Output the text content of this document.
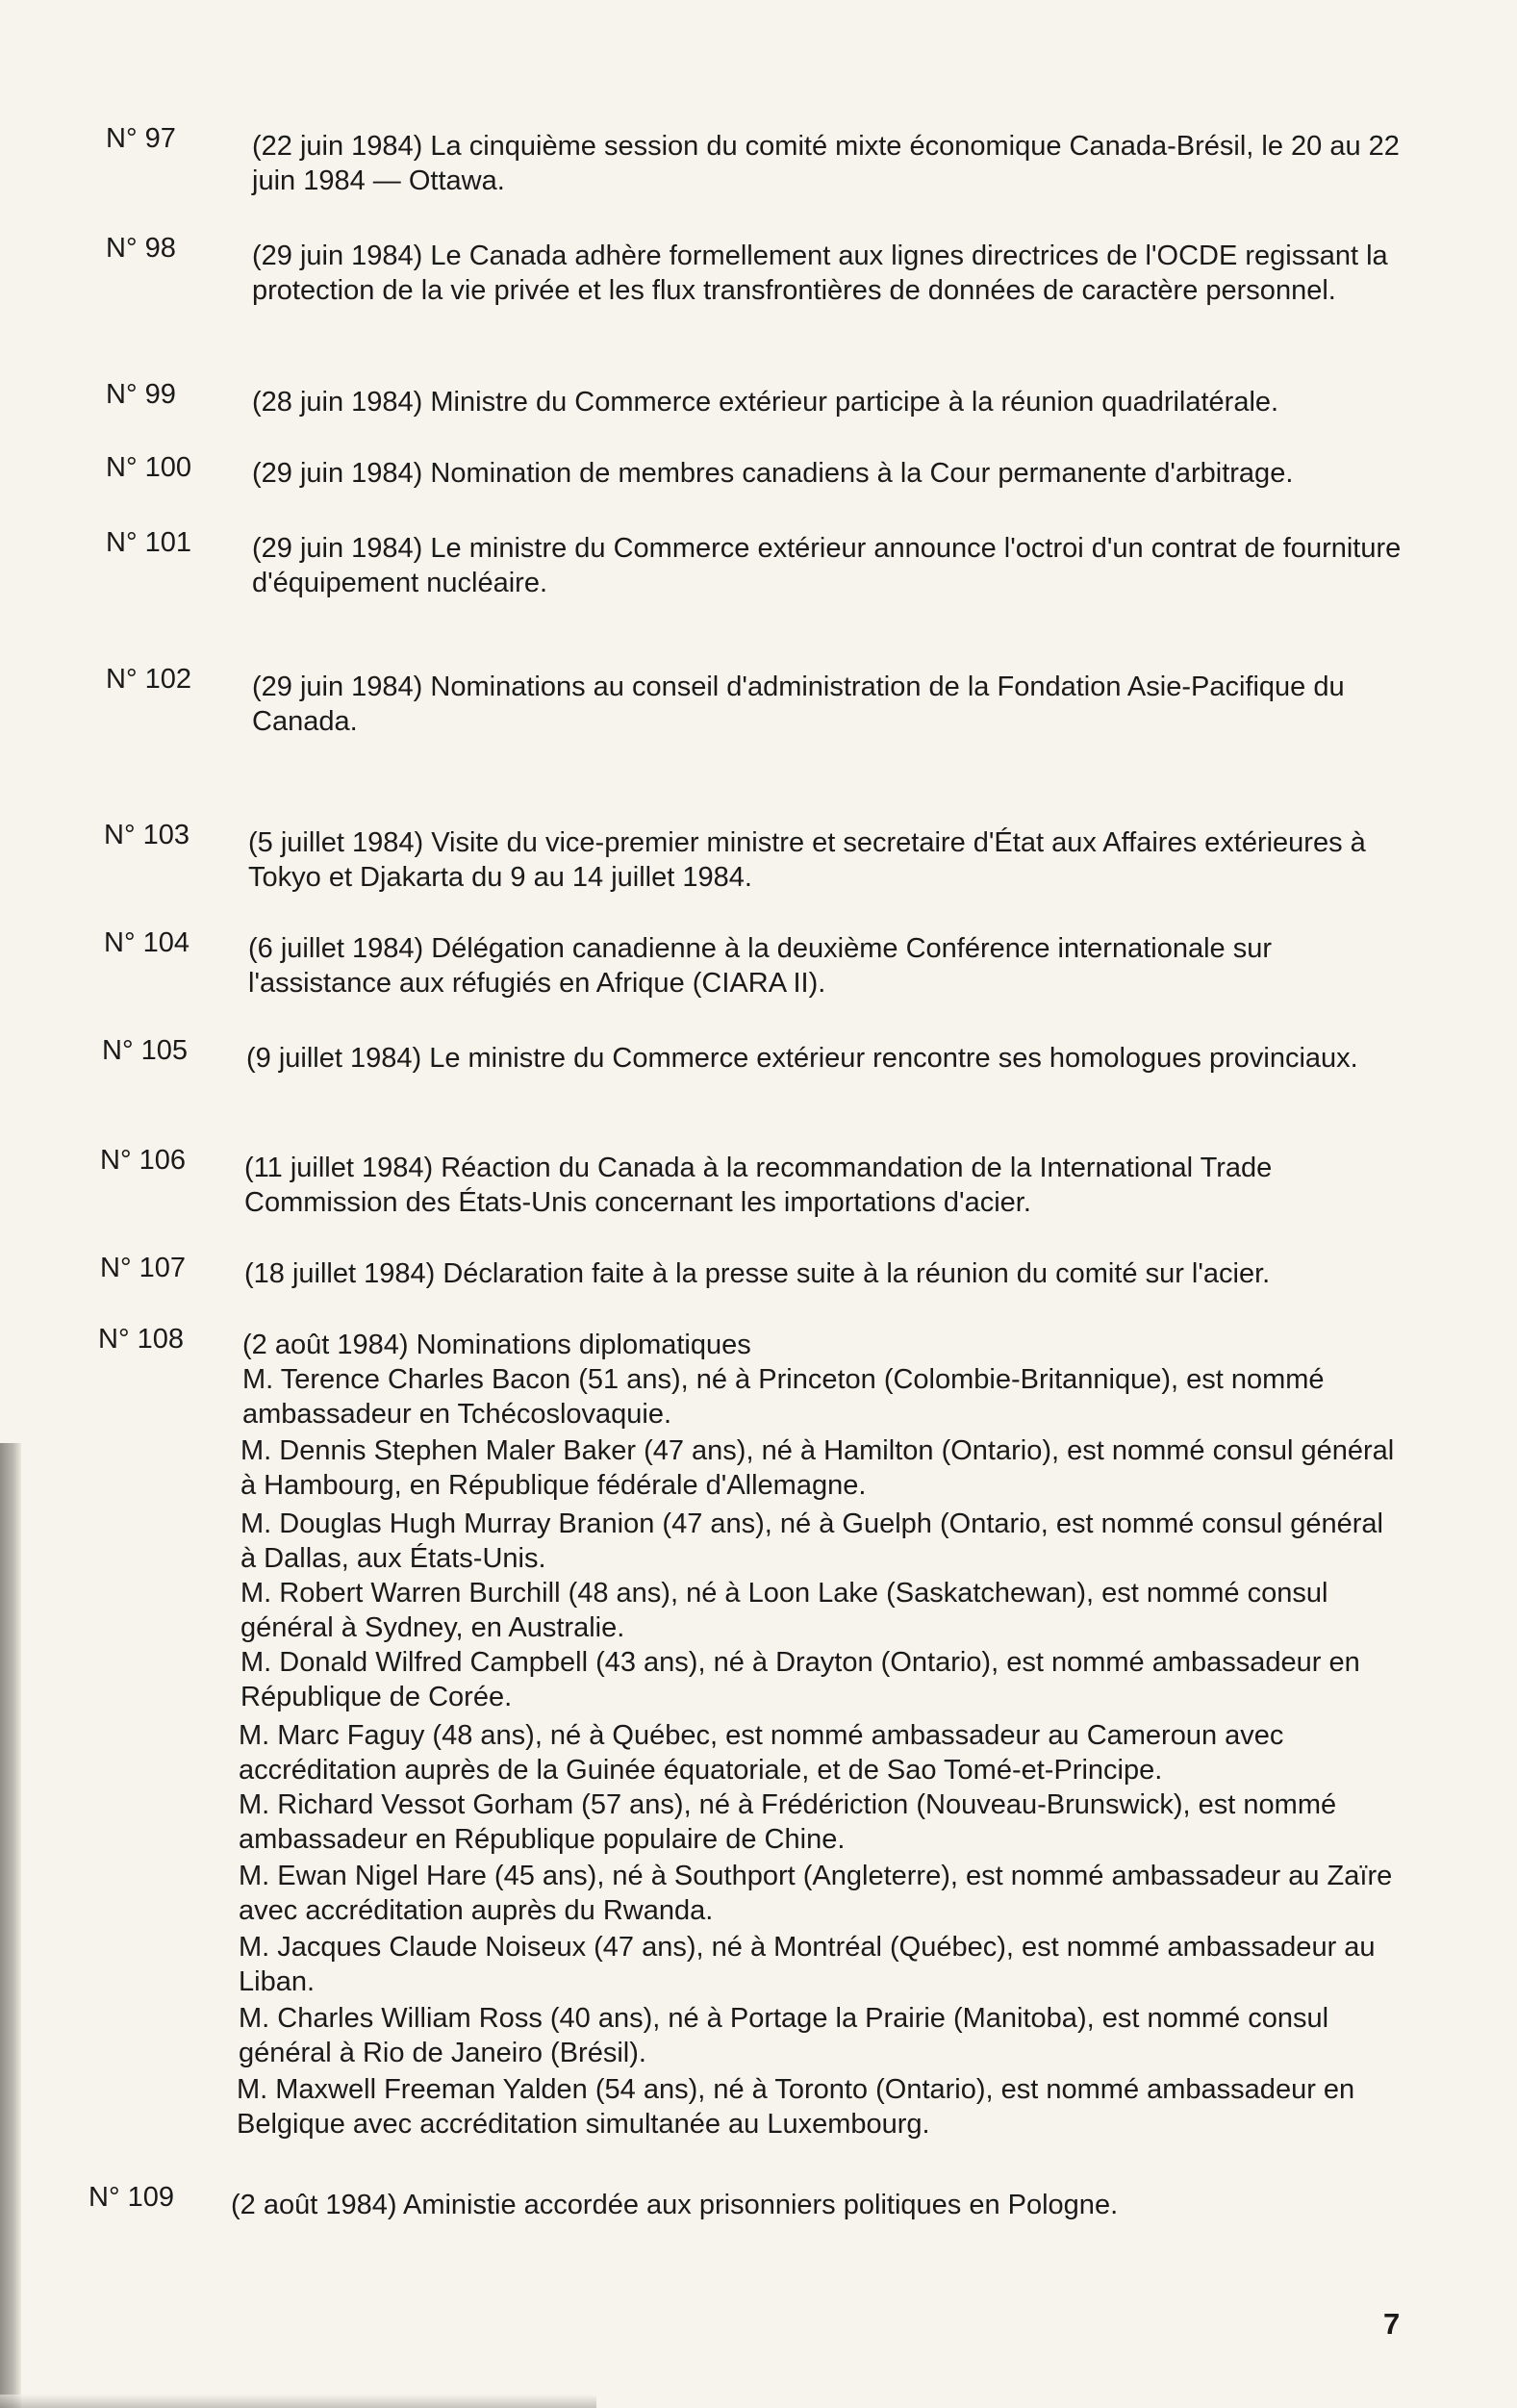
N° 97	(22 juin 1984) La cinquième session du comité mixte économique Canada-Brésil, le 20 au 22 juin 1984 — Ottawa.
N° 98	(29 juin 1984) Le Canada adhère formellement aux lignes directrices de l'OCDE regissant la protection de la vie privée et les flux transfrontières de données de caractère personnel.
N° 99	(28 juin 1984) Ministre du Commerce extérieur participe à la réunion quadrilatérale.
N° 100	(29 juin 1984) Nomination de membres canadiens à la Cour permanente d'arbitrage.
N° 101	(29 juin 1984) Le ministre du Commerce extérieur announce l'octroi d'un contrat de fourniture d'équipement nucléaire.
N° 102	(29 juin 1984) Nominations au conseil d'administration de la Fondation Asie-Pacifique du Canada.
N° 103	(5 juillet 1984) Visite du vice-premier ministre et secretaire d'État aux Affaires extérieures à Tokyo et Djakarta du 9 au 14 juillet 1984.
N° 104	(6 juillet 1984) Délégation canadienne à la deuxième Conférence internationale sur l'assistance aux réfugiés en Afrique (CIARA II).
N° 105	(9 juillet 1984) Le ministre du Commerce extérieur rencontre ses homologues provinciaux.
N° 106	(11 juillet 1984) Réaction du Canada à la recommandation de la International Trade Commission des États-Unis concernant les importations d'acier.
N° 107	(18 juillet 1984) Déclaration faite à la presse suite à la réunion du comité sur l'acier.
N° 108	(2 août 1984) Nominations diplomatiques
M. Terence Charles Bacon (51 ans), né à Princeton (Colombie-Britannique), est nommé ambassadeur en Tchécoslovaquie.
M. Dennis Stephen Maler Baker (47 ans), né à Hamilton (Ontario), est nommé consul général à Hambourg, en République fédérale d'Allemagne.
M. Douglas Hugh Murray Branion (47 ans), né à Guelph (Ontario, est nommé consul général à Dallas, aux États-Unis.
M. Robert Warren Burchill (48 ans), né à Loon Lake (Saskatchewan), est nommé consul général à Sydney, en Australie.
M. Donald Wilfred Campbell (43 ans), né à Drayton (Ontario), est nommé ambassadeur en République de Corée.
M. Marc Faguy (48 ans), né à Québec, est nommé ambassadeur au Cameroun avec accréditation auprès de la Guinée équatoriale, et de Sao Tomé-et-Principe.
M. Richard Vessot Gorham (57 ans), né à Frédériction (Nouveau-Brunswick), est nommé ambassadeur en République populaire de Chine.
M. Ewan Nigel Hare (45 ans), né à Southport (Angleterre), est nommé ambassadeur au Zaïre avec accréditation auprès du Rwanda.
M. Jacques Claude Noiseux (47 ans), né à Montréal (Québec), est nommé ambassadeur au Liban.
M. Charles William Ross (40 ans), né à Portage la Prairie (Manitoba), est nommé consul général à Rio de Janeiro (Brésil).
M. Maxwell Freeman Yalden (54 ans), né à Toronto (Ontario), est nommé ambassadeur en Belgique avec accréditation simultanée au Luxembourg.
N° 109	(2 août 1984) Aministie accordée aux prisonniers politiques en Pologne.
7
